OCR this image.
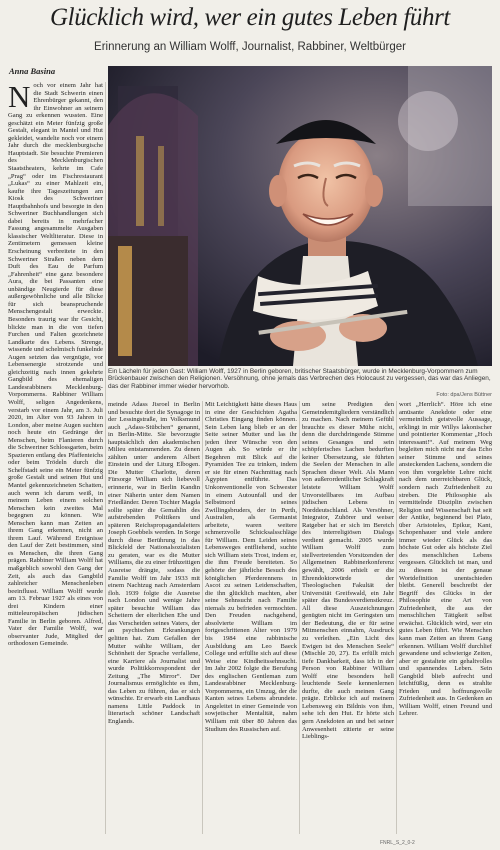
Glücklich wird, wer ein gutes Leben führt
Erinnerung an William Wolff, Journalist, Rabbiner, Weltbürger
Anna Basina
Ein Lächeln für jeden Gast: William Wolff, 1927 in Berlin geboren, britischer Staatsbürger, wurde in Mecklenburg-Vorpommern zum Brückenbauer zwischen den Religionen. Versöhnung, ohne jemals das Verbrechen des Holocaust zu vergessen, das war das Anliegen, das der Rabbiner immer wieder hervorhob.
Foto: dpa/Jens Büttner

Noch vor einem Jahr hat die Stadt Schwerin einen Ehrenbürger gekannt, den ihr Einwohner an seinem Gang zu erkennen wussten. Eine geschätzt ein Meter fünfzig große Gestalt, elegant in Mantel und Hut gekleidet, wandelte noch vor einem Jahr durch die mecklenburgische Hauptstadt. Sie besuchte Premieren des Mecklenburgischen Staatstheaters, kehrte im Cafe „Prag“ oder im Fischrestaurant „Lukas“ zu einer Mahlzeit ein, kaufte ihre Tageszeitungen am Kiosk des Schweriner Hauptbahnhofs und besorgte in den Schweriner Buchhandlungen sich dabei bereits in mehrfacher Fassung angesammelte Ausgaben klassischer Weltliteratur. Diese in Zentimetern gemessen kleine Erscheinung verbreitete in den Schweriner Straßen neben dem Duft des Eau de Parfum „Fahrenheit“ eine ganz besondere Aura, die bei Passanten eine unbändige Neugierde für diese außergewöhnliche und alle Blicke für sich beanspruchende Menschengestalt erweckte. Besonders traurig war ihr Gesicht, blickte man in die von tiefen Furchen und Falten gezeichnete Landkarte des Lebens. Strenge, wissende und schelmisch funkelnde Augen setzten das vergnügte, vor Lebensenergie strotzende und gleichzeitig nach innen gekehrte Gangbild des ehemaligen Landesrabbiners Mecklenburg-Vorpommerns. Rabbiner William Wolff, seligen Angedenkens, verstarb vor einem Jahr, am 3. Juli 2020, im Alter von 93 Jahren in London, aber meine Augen suchten noch heute ein Gedränge der Menschen, beim Flanieren durch die Schweriner Schlossgarten, beim Spazieren entlang des Pfaffenteichs oder beim Trödeln durch die Schelfstadt seine ein Meter fünfzig große Gestalt und seinen Hut und Mantel gekennzeichneten Schatten, auch wenn ich darum weiß, in meinem Leben einem solchen Menschen kein zweites Mal begegnen zu können. Wie Menschen kann man Zeiten an ihrem Gang erkennen, nicht an ihrem Lauf. Während Ereignisse den Lauf der Zeit bestimmen, sind es Menschen, die ihren Gang prägen. Rabbiner William Wolff hat maßgeblich sowohl den Gang der Zeit, als auch das Gangbild zahlreicher Menschenleben beeinflusst. William Wolff wurde am 13. Februar 1927 als eines von drei Kindern einer mitteleuropäischen jüdischen Familie in Berlin geboren. Alfred, Vater der Familie Wolff, war observanter Jude, Mitglied der orthodoxen Gemeinde.

meinde Adass Jisroel in Berlin und besuchte dort die Synagoge in der Lessingstraße, im Volksmund auch „Adass-Stübchen“ genannt, in Berlin-Mitte. Sie bevorzugte hauptsächlich den akademischen Milieu entstammenden. Zu denen zählten unter anderem Albert Einstein und der Liturg Elbogen. Die Mutter Charlotte, deren Fürsorge William sich liebevoll erinnerte, war in Berlin Kandin einer Näherin unter dem Namen Friedländer. Deren Tochter Magda sollte später die Gemahlin des aufstrebenden Politikers und späteren Reichspropagandaleiters Joseph Goebbels werden. In Sorge durch diese Berührung in das Blickfeld der Nationalsozialisten zu geraten, war es die Mutter Williams, die zu einer frühzeitigen Ausreise drängte, sodass die Familie Wolff im Jahr 1933 mit einem Nachtzug nach Amsterdam floh. 1939 folgte die Ausreise nach London und wenige Jahre später besuchte William das Scheitern der elterlichen Ehe und das Verscheiden seines Vaters, der an psychischen Erkrankungen gelitten hat. Zum Gefallen der Mutter wählte William, der Schönheit der Sprache verfallene, eine Karriere als Journalist und wurde Politikkorrespondent der Zeitung „The Mirror“. Der Journalismus ermöglichte es ihm, das Leben zu führen, das er sich wünschte. Er erwarb ein Landhaus namens Little Paddock in literarisch schöner Landschaft Englands.

Mit Leichtigkeit hätte dieses Haus in eine der Geschichten Agatha Christies Eingang finden können. Sein Leben lang blieb er an der Seite seiner Mutter und las ihr jeden ihrer Wünsche von den Augen ab. So würde er ihr Begehren mit Blick auf die Pyramiden Tee zu trinken, indem er sie für einen Nachmittag nach Ägypten entführte. Das Unkonventionelle von Schwester in einem Autounfall und der Selbstmord seines Zwillingsbruders, der in Perth, Australien, als Germanist arbeitete, waren weitere schmerzvolle Schicksalsschläge für William. Dem Leiden seines Lebensweges entfliehend, suchte sich William stets Trost, indem er, die ihm Freude bereiteten. So gehörte der jährliche Besuch des königlichen Pferderennens in Ascot zu seinen Leidenschaften, die ihn glücklich machten, aber seine Sehnsucht nach Familie niemals zu befrieden vermochten. Den Freuden nachgehend, absolvierte William im fortgeschrittenen Alter von 1979 bis 1984 eine rabbinische Ausbildung am Leo Baeck College und erfüllte sich auf diese Weise eine Kindheitssehnsucht. Im Jahr 2002 folgte die Berufung des englischen Gentleman zum Landesrabbiner Mecklenburg-Vorpommerns, ein Umzug, der die Kanten seines Lebens abrundete. Angeleitet in einer Gemeinde von sowjetischer Mentalität, nahm William mit über 80 Jahren das Studium des Russischen auf.

um seine Predigten den Gemeindemitgliedern verständlich zu machen. Nach meinem Gefühl brauchte es dieser Mühe nicht, denn die durchdringende Stimme seines Gesanges und sein schöpferisches Lachen bedurften keiner Übersetzung, sie führten die Seelen der Menschen in alle Sprachen dieser Welt. Als Mann von außerordentlicher Schlagkraft leistete William Wolff Unvorstellbares im Aufbau jüdischen Lebens in Norddeutschland. Als Versöhner, Integrator, Zuhörer und weiser Ratgeber hat er sich im Bereich des interreligiösen Dialogs verdient gemacht. 2005 wurde William Wolff zum stellvertretenden Vorsitzenden der Allgemeinen Rabbinerkonferenz gewählt, 2006 erhielt er die Ehrendoktorwürde der Theologischen Fakultät der Universität Greifswald, ein Jahr später das Bundesverdienstkreuz. All diese Auszeichnungen genügten nicht im Geringsten um der Bedeutung, die er für seine Mitmenschen einnahm, Ausdruck zu verleihen. „Ein Licht des Ewigen ist des Menschen Seele“ (Mischle 20, 27). Es erfüllt mich tiefe Dankbarkeit, dass ich in der Person von Rabbiner William Wolff eine besonders hell leuchtende Seele kennenlernen durfte, die auch meinen Gang prägte. Erblicke ich auf meinem Lebensweg ein Bildnis von ihm, sehe ich den Hut. Er hörte sich gern Anekdoten an und bei seiner Anwesenheit zitierte er seine Lieblings-

wort „Herrlich“. Höre ich eine amüsante Anekdote oder eine vermeintlich geistvolle Aussage, erklingt in mir Willys lakonischer und pointierter Kommentar „Hoch interessant!“. Auf meinem Weg begleiten mich nicht nur das Echo seiner Stimme und seines ansteckenden Lachens, sondern die von ihm vorgelebte Lehre nicht nach dem unerreichbaren Glück, sondern nach Zufriedenheit zu streben. Die Philosophie als vermittelnde Disziplin zwischen Religion und Wissenschaft hat seit der Antike, beginnend bei Plato, über Aristoteles, Epikur, Kant, Schopenhauer und viele andere immer wieder Glück als das höchste Gut oder als höchste Ziel des menschlichen Lebens vergessen. Glücklich ist man, und zu diesem ist der genaue Wortdefinition unentschieden bleibt. Generell beschreibt der Begriff des Glücks in der Philosophie eine Art von Zufriedenheit, die aus der menschlichen Tätigkeit selbst erwächst. Glücklich wird, wer ein gutes Leben führt. Wie Menschen kann man Zeiten an ihrem Gang erkennen. William Wolff durchlief gewandene und schwierige Zeiten, aber er gestaltete ein gehaltvolles und spannendes Leben. Sein Gangbild blieb aufrecht und leichtfüßig, denn es strahlte Frieden und hoffnungsvolle Zufriedenheit aus. In Gedenken an William Wolff, einen Freund und Lehrer.

FNRL_S_2_0-2
